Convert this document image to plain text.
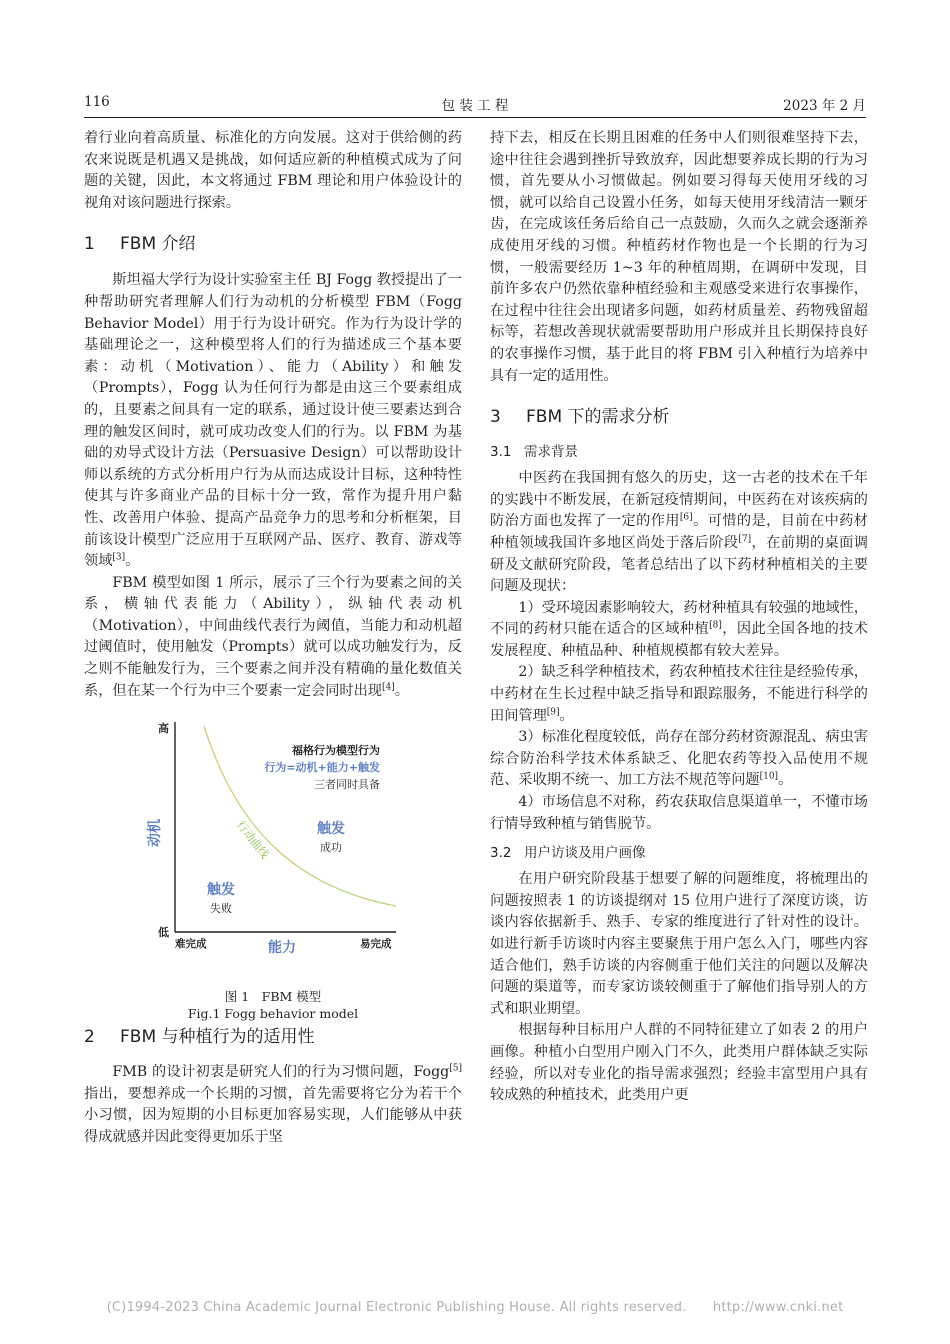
116	包 装 工 程	2023 年 2 月

着行业向着高质量、标准化的方向发展。这对于供给侧的药农来说既是机遇又是挑战，如何适应新的种植模式成为了问题的关键，因此，本文将通过 FBM 理论和用户体验设计的视角对该问题进行探索。

1 FBM 介绍

斯坦福大学行为设计实验室主任 BJ Fogg 教授提出了一种帮助研究者理解人们行为动机的分析模型 FBM（Fogg Behavior Model）用于行为设计研究。作为行为设计学的基础理论之一，这种模型将人们的行为描述成三个基本要素：动机（Motivation）、能力（Ability）和触发（Prompts），Fogg 认为任何行为都是由这三个要素组成的，且要素之间具有一定的联系，通过设计使三要素达到合理的触发区间时，就可成功改变人们的行为。以 FBM 为基础的劝导式设计方法（Persuasive Design）可以帮助设计师以系统的方式分析用户行为从而达成设计目标，这种特性使其与许多商业产品的目标十分一致，常作为提升用户黏性、改善用户体验、提高产品竞争力的思考和分析框架，目前该设计模型广泛应用于互联网产品、医疗、教育、游戏等领域[3]。

FBM 模型如图 1 所示，展示了三个行为要素之间的关系，横轴代表能力（Ability），纵轴代表动机（Motivation），中间曲线代表行为阈值，当能力和动机超过阈值时，使用触发（Prompts）就可以成功触发行为，反之则不能触发行为，三个要素之间并没有精确的量化数值关系，但在某一个行为中三个要素一定会同时出现[4]。

高
低
动机
难完成	易完成
能力
福格行为模型行为
行为=动机+能力+触发
三者同时具备
行动曲线	触发
成功
触发
失败

图 1　FBM 模型

Fig.1 Fogg behavior model

2 FBM 与种植行为的适用性

FMB 的设计初衷是研究人们的行为习惯问题，Fogg[5]指出，要想养成一个长期的习惯，首先需要将它分为若干个小习惯，因为短期的小目标更加容易实现，人们能够从中获得成就感并因此变得更加乐于坚

持下去，相反在长期且困难的任务中人们则很难坚持下去，途中往往会遇到挫折导致放弃，因此想要养成长期的行为习惯，首先要从小习惯做起。例如要习得每天使用牙线的习惯，就可以给自己设置小任务，如每天使用牙线清洁一颗牙齿，在完成该任务后给自己一点鼓励，久而久之就会逐渐养成使用牙线的习惯。种植药材作物也是一个长期的行为习惯，一般需要经历 1~3 年的种植周期，在调研中发现，目前许多农户仍然依靠种植经验和主观感受来进行农事操作，在过程中往往会出现诸多问题，如药材质量差、药物残留超标等，若想改善现状就需要帮助用户形成并且长期保持良好的农事操作习惯，基于此目的将 FBM 引入种植行为培养中具有一定的适用性。

3 FBM 下的需求分析
3.1 需求背景

中医药在我国拥有悠久的历史，这一古老的技术在千年的实践中不断发展，在新冠疫情期间，中医药在对该疾病的防治方面也发挥了一定的作用[6]。可惜的是，目前在中药材种植领域我国许多地区尚处于落后阶段[7]，在前期的桌面调研及文献研究阶段，笔者总结出了以下药材种植相关的主要问题及现状：

1）受环境因素影响较大，药材种植具有较强的地域性，不同的药材只能在适合的区域种植[8]，因此全国各地的技术发展程度、种植品种、种植规模都有较大差异。

2）缺乏科学种植技术，药农种植技术往往是经验传承，中药材在生长过程中缺乏指导和跟踪服务，不能进行科学的田间管理[9]。

3）标准化程度较低，尚存在部分药材资源混乱、病虫害综合防治科学技术体系缺乏、化肥农药等投入品使用不规范、采收期不统一、加工方法不规范等问题[10]。

4）市场信息不对称，药农获取信息渠道单一，不懂市场行情导致种植与销售脱节。

3.2 用户访谈及用户画像

在用户研究阶段基于想要了解的问题维度，将梳理出的问题按照表 1 的访谈提纲对 15 位用户进行了深度访谈，访谈内容依据新手、熟手、专家的维度进行了针对性的设计。如进行新手访谈时内容主要聚焦于用户怎么入门，哪些内容适合他们，熟手访谈的内容侧重于他们关注的问题以及解决问题的渠道等，而专家访谈较侧重于了解他们指导别人的方式和职业期望。

根据每种目标用户人群的不同特征建立了如表 2 的用户画像。种植小白型用户刚入门不久，此类用户群体缺乏实际经验，所以对专业化的指导需求强烈；经验丰富型用户具有较成熟的种植技术，此类用户更

(C)1994-2023 China Academic Journal Electronic Publishing House. All rights reserved.　　http://www.cnki.net
